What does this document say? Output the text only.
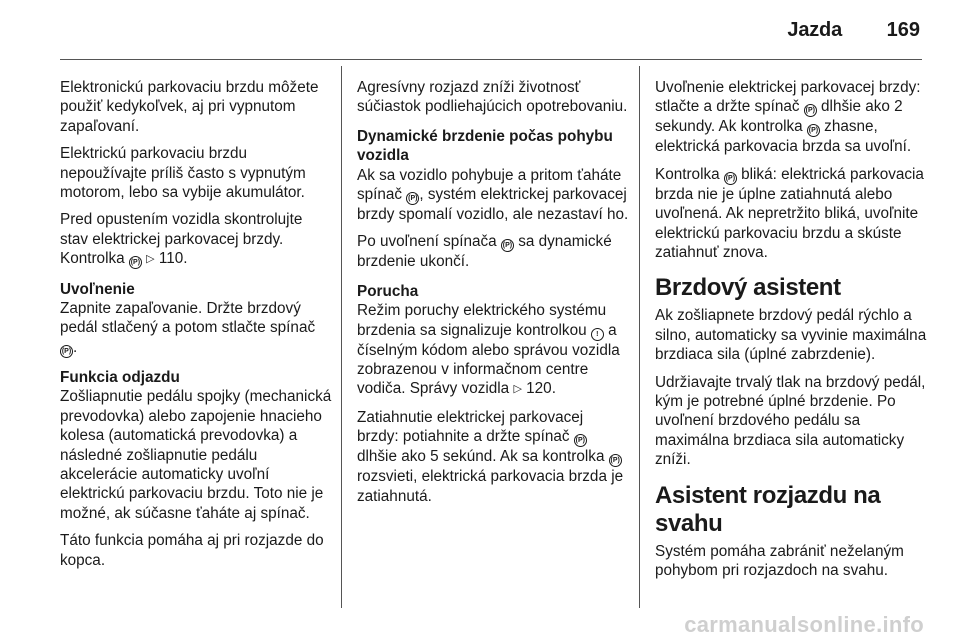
Jazda 169

Elektronickú parkovaciu brzdu môžete použiť kedykoľvek, aj pri vypnutom zapaľovaní.

Elektrickú parkovaciu brzdu nepoužívajte príliš často s vypnutým motorom, lebo sa vybije akumulátor.

Pred opustením vozidla skontrolujte stav elektrickej parkovacej brzdy. Kontrolka (P) ▷ 110.

Uvoľnenie

Zapnite zapaľovanie. Držte brzdový pedál stlačený a potom stlačte spínač (P) .

Funkcia odjazdu

Zošliapnutie pedálu spojky (mechanická prevodovka) alebo zapojenie hnacieho kolesa (automatická prevodovka) a následné zošliapnutie pedálu akcelerácie automaticky uvoľní elektrickú parkovaciu brzdu. Toto nie je možné, ak súčasne ťaháte aj spínač.

Táto funkcia pomáha aj pri rozjazde do kopca.

Agresívny rozjazd zníži životnosť súčiastok podliehajúcich opotrebovaniu.

Dynamické brzdenie počas pohybu vozidla

Ak sa vozidlo pohybuje a pritom ťaháte spínač (P) , systém elektrickej parkovacej brzdy spomalí vozidlo, ale nezastaví ho.

Po uvoľnení spínača (P) sa dynamické brzdenie ukončí.

Porucha

Režim poruchy elektrického systému brzdenia sa signalizuje kontrolkou ! a číselným kódom alebo správou vozidla zobrazenou v informačnom centre vodiča. Správy vozidla ▷ 120.

Zatiahnutie elektrickej parkovacej brzdy: potiahnite a držte spínač (P) dlhšie ako 5 sekúnd. Ak sa kontrolka (P) rozsvieti, elektrická parkovacia brzda je zatiahnutá.

Uvoľnenie elektrickej parkovacej brzdy: stlačte a držte spínač (P) dlhšie ako 2 sekundy. Ak kontrolka (P) zhasne, elektrická parkovacia brzda sa uvoľní.

Kontrolka (P) bliká: elektrická parkovacia brzda nie je úplne zatiahnutá alebo uvoľnená. Ak nepretržito bliká, uvoľnite elektrickú parkovaciu brzdu a skúste zatiahnuť znova.

Brzdový asistent

Ak zošliapnete brzdový pedál rýchlo a silno, automaticky sa vyvinie maximálna brzdiaca sila (úplné zabrzdenie).

Udržiavajte trvalý tlak na brzdový pedál, kým je potrebné úplné brzdenie. Po uvoľnení brzdového pedálu sa maximálna brzdiaca sila automaticky zníži.

Asistent rozjazdu na svahu

Systém pomáha zabrániť neželaným pohybom pri rozjazdoch na svahu.

carmanualsonline.info
